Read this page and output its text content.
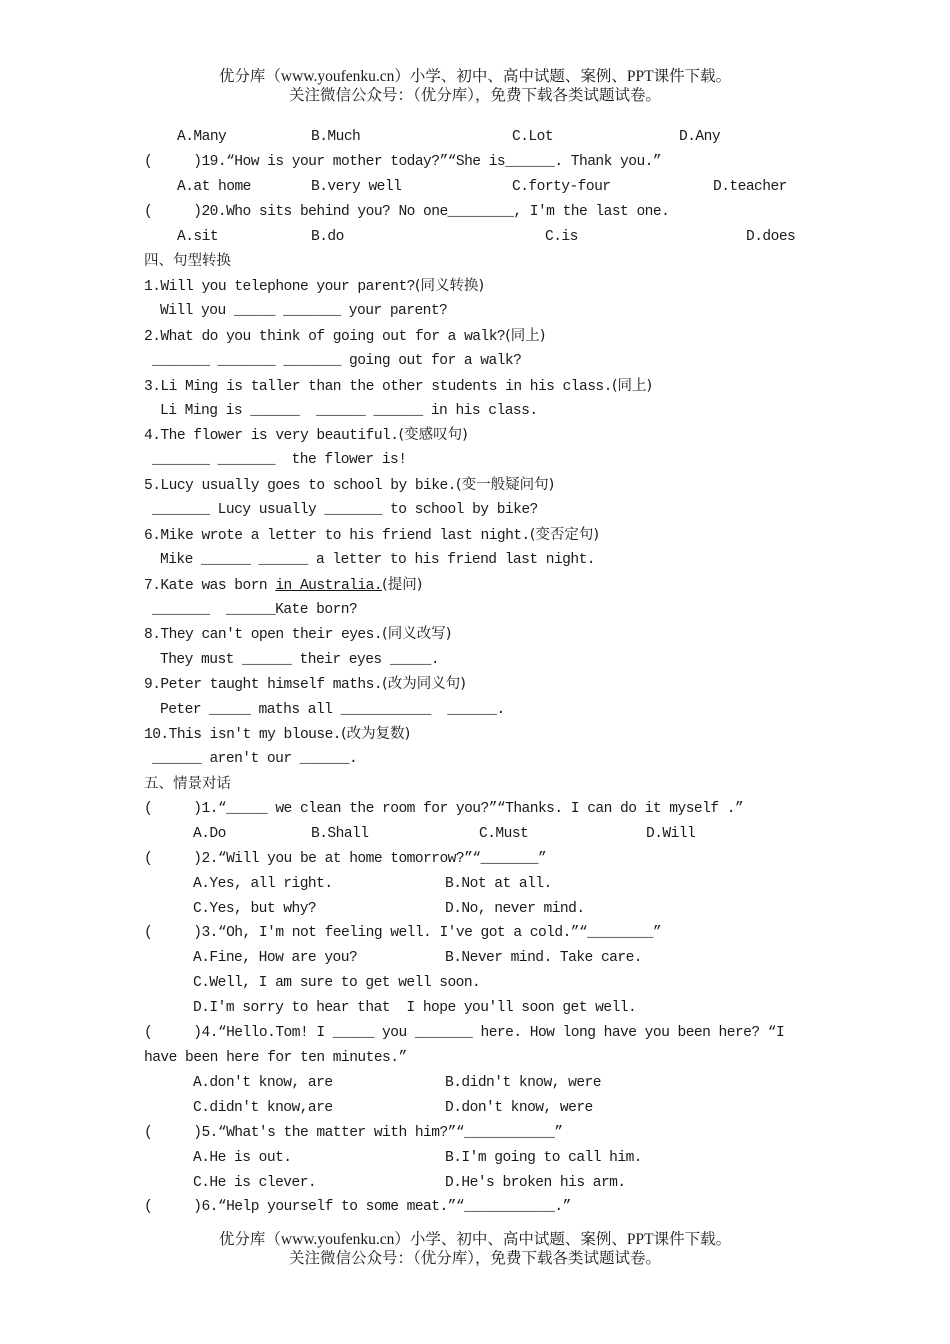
优分库（www.youfenku.cn）小学、初中、高中试题、案例、PPT课件下载。
关注微信公众号：（优分库），免费下载各类试题试卷。
A.Many	B.Much	C.Lot	D.Any
(     )19.“How is your mother today?”“She is______. Thank you.”
A.at home	B.very well	C.forty-four	D.teacher
(     )20.Who sits behind you? No one________, I'm the last one.
A.sit	B.do	C.is	D.does
四、句型转换
1.Will you telephone your parent?(同义转换)
Will you _____ _______ your parent?
2.What do you think of going out for a walk?(同上)
_______ _______ _______ going out for a walk?
3.Li Ming is taller than the other students in his class.(同上)
Li Ming is ______  ______ ______ in his class.
4.The flower is very beautiful.(变感叹句)
_______ _______  the flower is!
5.Lucy usually goes to school by bike.(变一般疑问句)
_______ Lucy usually _______ to school by bike?
6.Mike wrote a letter to his friend last night.(变否定句)
Mike ______ ______ a letter to his friend last night.
7.Kate was born in Australia.(提问)
_______  ______Kate born?
8.They can't open their eyes.(同义改写)
They must ______ their eyes _____.
9.Peter taught himself maths.(改为同义句)
Peter _____ maths all ___________  ______.
10.This isn't my blouse.(改为复数)
______ aren't our ______.
五、情景对话
(     )1.“_____ we clean the room for you?”“Thanks. I can do it myself .”
A.Do	B.Shall	C.Must	D.Will
(     )2.“Will you be at home tomorrow?”“_______”
A.Yes, all right.	B.Not at all.
C.Yes, but why?	D.No, never mind.
(     )3.“Oh, I'm not feeling well. I've got a cold.”“________”
A.Fine, How are you?	B.Never mind. Take care.
C.Well, I am sure to get well soon.
D.I'm sorry to hear that  I hope you'll soon get well.
(     )4.“Hello.Tom! I _____ you _______ here. How long have you been here? “I
have been here for ten minutes.”
A.don't know, are	B.didn't know, were
C.didn't know,are	D.don't know, were
(     )5.“What's the matter with him?”“___________”
A.He is out.	B.I'm going to call him.
C.He is clever.	D.He's broken his arm.
(     )6.“Help yourself to some meat.”“___________.”
优分库（www.youfenku.cn）小学、初中、高中试题、案例、PPT课件下载。
关注微信公众号：（优分库），免费下载各类试题试卷。
